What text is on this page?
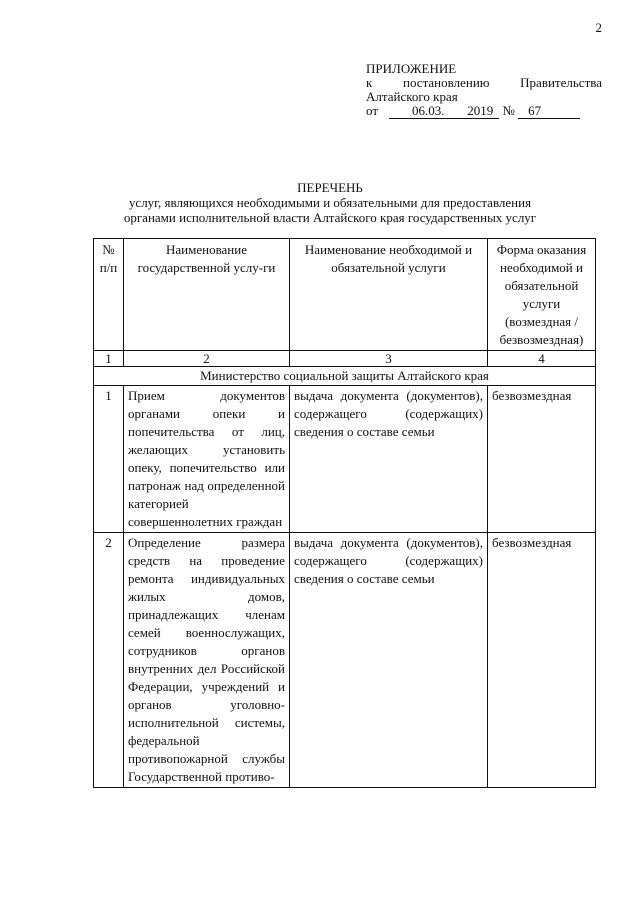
2
ПРИЛОЖЕНИЕ
к постановлению Правительства
Алтайского края
от	06.03. 2019 № 67
ПЕРЕЧЕНЬ
услуг, являющихся необходимыми и обязательными для предоставления
органами исполнительной власти Алтайского края государственных услуг
№ п/п	Наименование государственной услу-ги	Наименование необходимой и обязательной услуги	Форма оказания необходимой и обязательной услуги (возмездная / безвозмездная)
1	2	3	4
Министерство социальной защиты Алтайского края			
1	Прием документов органами опеки и попечительства от лиц, желающих установить опеку, попечительство или патронаж над определенной категорией совершеннолетних граждан	выдача документа (документов), содержащего (содержащих) сведения о составе семьи	безвозмездная
2	Определение размера средств на проведение ремонта индивидуальных жилых домов, принадлежащих членам семей военнослужащих, сотрудников органов внутренних дел Российской Федерации, учреждений и органов уголовно-исполнительной системы, федеральной противопожарной службы Государственной противо-	выдача документа (документов), содержащего (содержащих) сведения о составе семьи	безвозмездная
